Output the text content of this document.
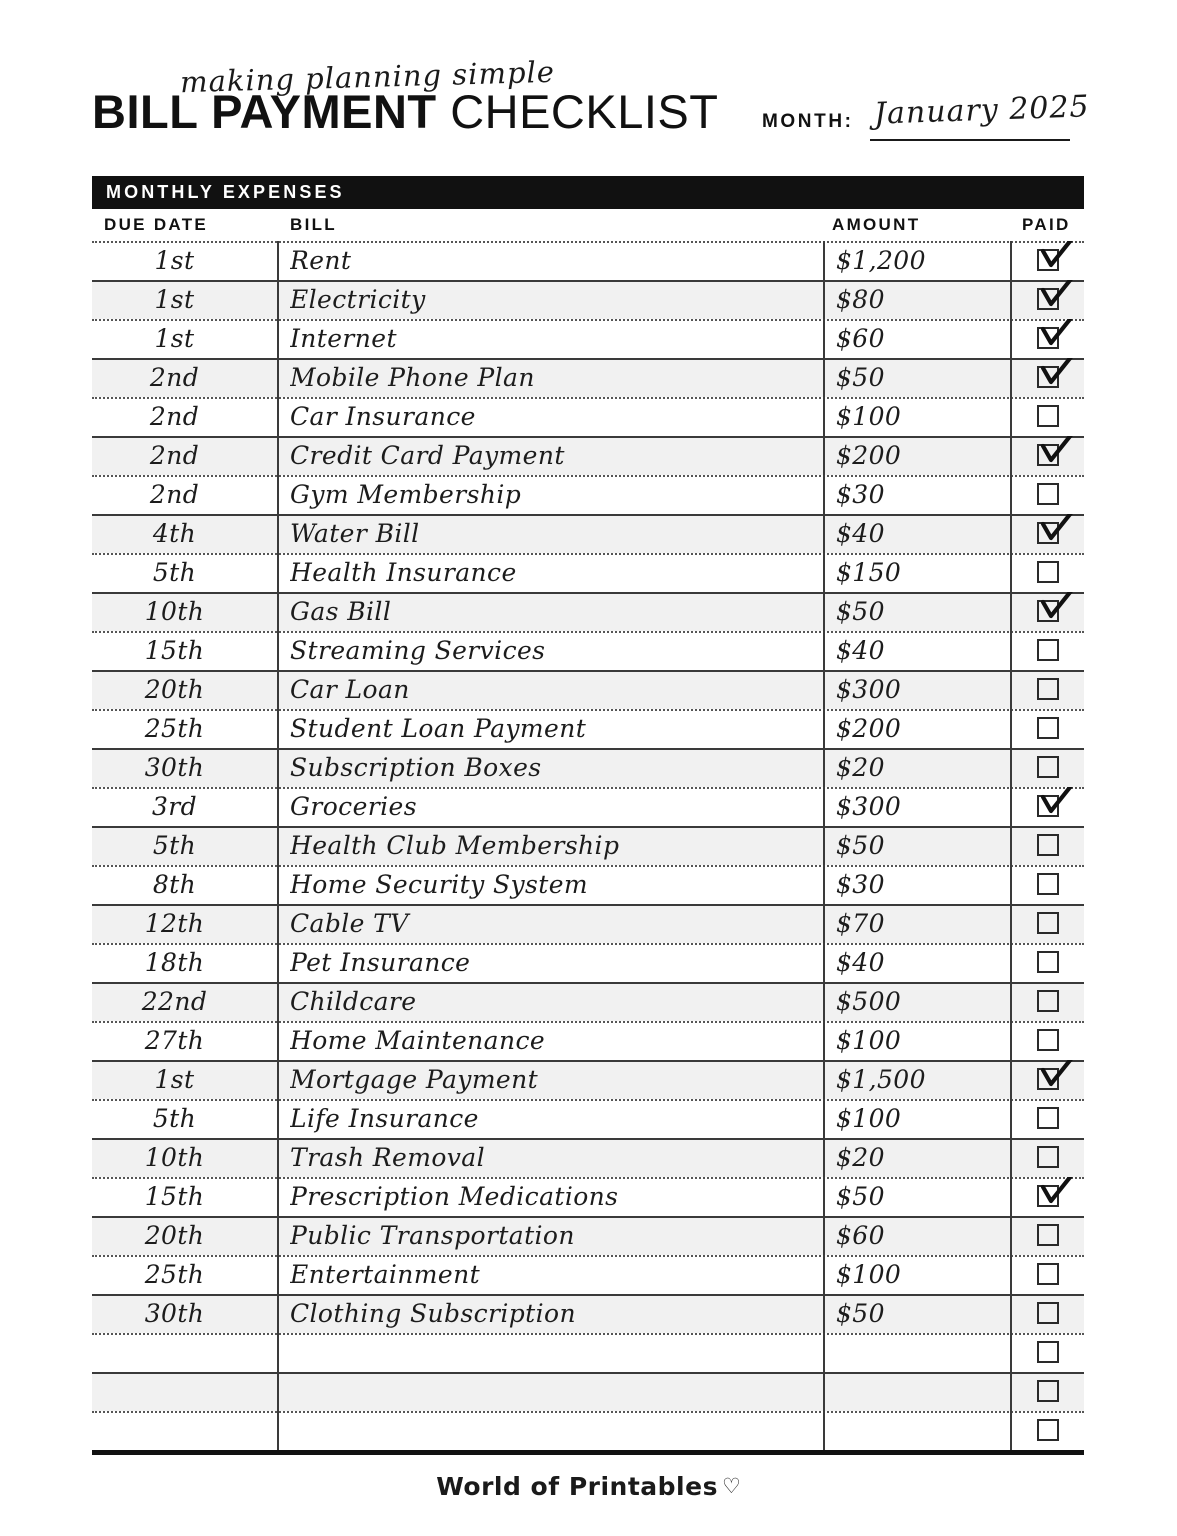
making planning simple
BILL PAYMENT CHECKLIST MONTH: January 2025
MONTHLY EXPENSES
DUE DATE	BILL	AMOUNT	PAID
1st	Rent	$1,200
1st	Electricity	$80
1st	Internet	$60
2nd	Mobile Phone Plan	$50
2nd	Car Insurance	$100
2nd	Credit Card Payment	$200
2nd	Gym Membership	$30
4th	Water Bill	$40
5th	Health Insurance	$150
10th	Gas Bill	$50
15th	Streaming Services	$40
20th	Car Loan	$300
25th	Student Loan Payment	$200
30th	Subscription Boxes	$20
3rd	Groceries	$300
5th	Health Club Membership	$50
8th	Home Security System	$30
12th	Cable TV	$70
18th	Pet Insurance	$40
22nd	Childcare	$500
27th	Home Maintenance	$100
1st	Mortgage Payment	$1,500
5th	Life Insurance	$100
10th	Trash Removal	$20
15th	Prescription Medications	$50
20th	Public Transportation	$60
25th	Entertainment	$100
30th	Clothing Subscription	$50
World of Printables ♡
